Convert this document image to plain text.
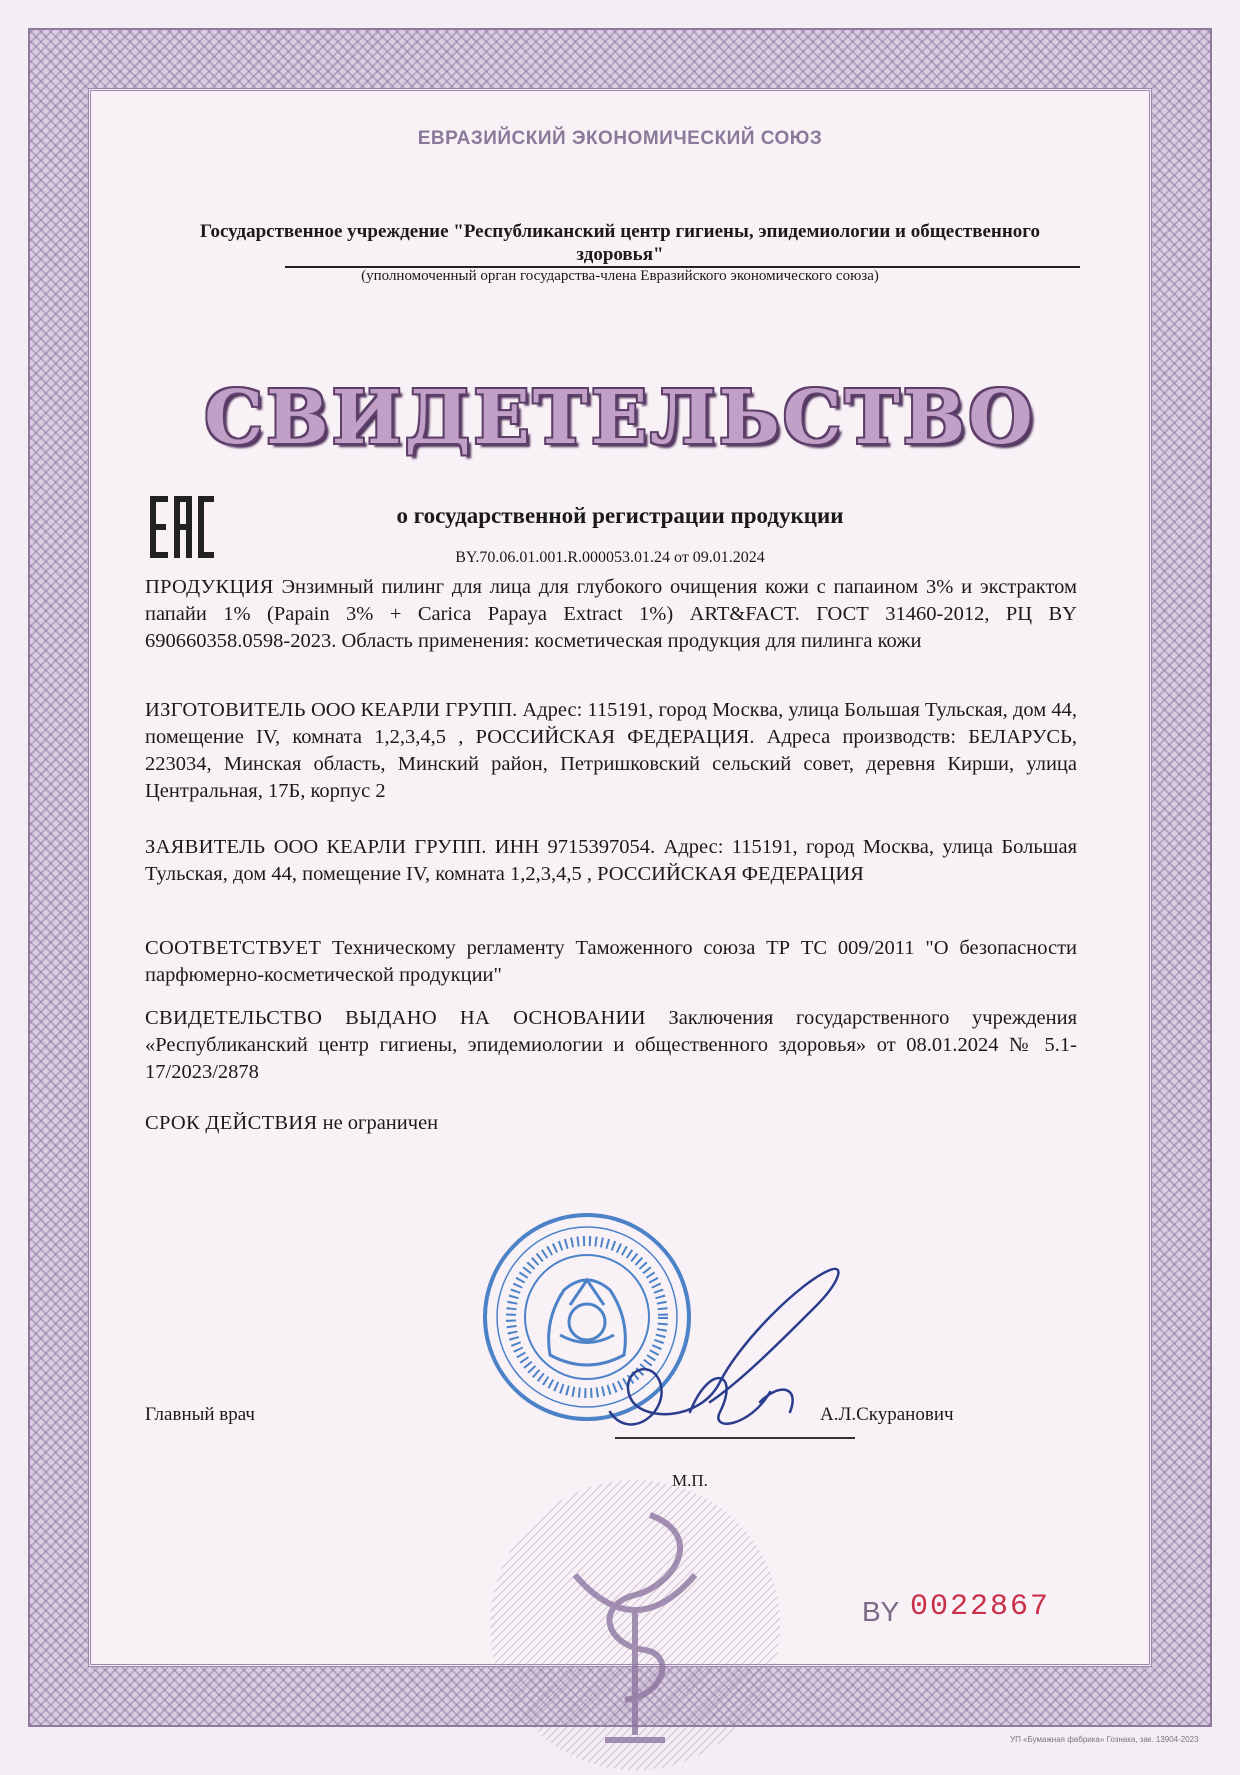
ЕВРАЗИЙСКИЙ ЭКОНОМИЧЕСКИЙ СОЮЗ
Государственное учреждение "Республиканский центр гигиены, эпидемиологии и общественного здоровья"
(уполномоченный орган государства-члена Евразийского экономического союза)
СВИДЕТЕЛЬСТВО
о государственной регистрации продукции
BY.70.06.01.001.R.000053.01.24 от 09.01.2024
ПРОДУКЦИЯ Энзимный пилинг для лица для глубокого очищения кожи с папаином 3% и экстрактом папайи 1% (Papain 3% + Carica Papaya Extract 1%) ART&FACT. ГОСТ 31460-2012, РЦ BY 690660358.0598-2023. Область применения: косметическая продукция для пилинга кожи
ИЗГОТОВИТЕЛЬ ООО КЕАРЛИ ГРУПП. Адрес: 115191, город Москва, улица Большая Тульская, дом 44, помещение IV, комната 1,2,3,4,5 , РОССИЙСКАЯ ФЕДЕРАЦИЯ. Адреса производств: БЕЛАРУСЬ, 223034, Минская область, Минский район, Петришковский сельский совет, деревня Кирши, улица Центральная, 17Б, корпус 2
ЗАЯВИТЕЛЬ ООО КЕАРЛИ ГРУПП. ИНН 9715397054. Адрес: 115191, город Москва, улица Большая Тульская, дом 44, помещение IV, комната 1,2,3,4,5 , РОССИЙСКАЯ ФЕДЕРАЦИЯ
СООТВЕТСТВУЕТ Техническому регламенту Таможенного союза ТР ТС 009/2011 "О безопасности парфюмерно-косметической продукции"
СВИДЕТЕЛЬСТВО ВЫДАНО НА ОСНОВАНИИ Заключения государственного учреждения «Республиканский центр гигиены, эпидемиологии и общественного здоровья» от 08.01.2024 № 5.1-17/2023/2878
СРОК ДЕЙСТВИЯ не ограничен
Главный врач	А.Л.Скуранович
М.П.
BY 0022867
УП «Бумажная фабрика» Гознака, зак. 13904-2023
